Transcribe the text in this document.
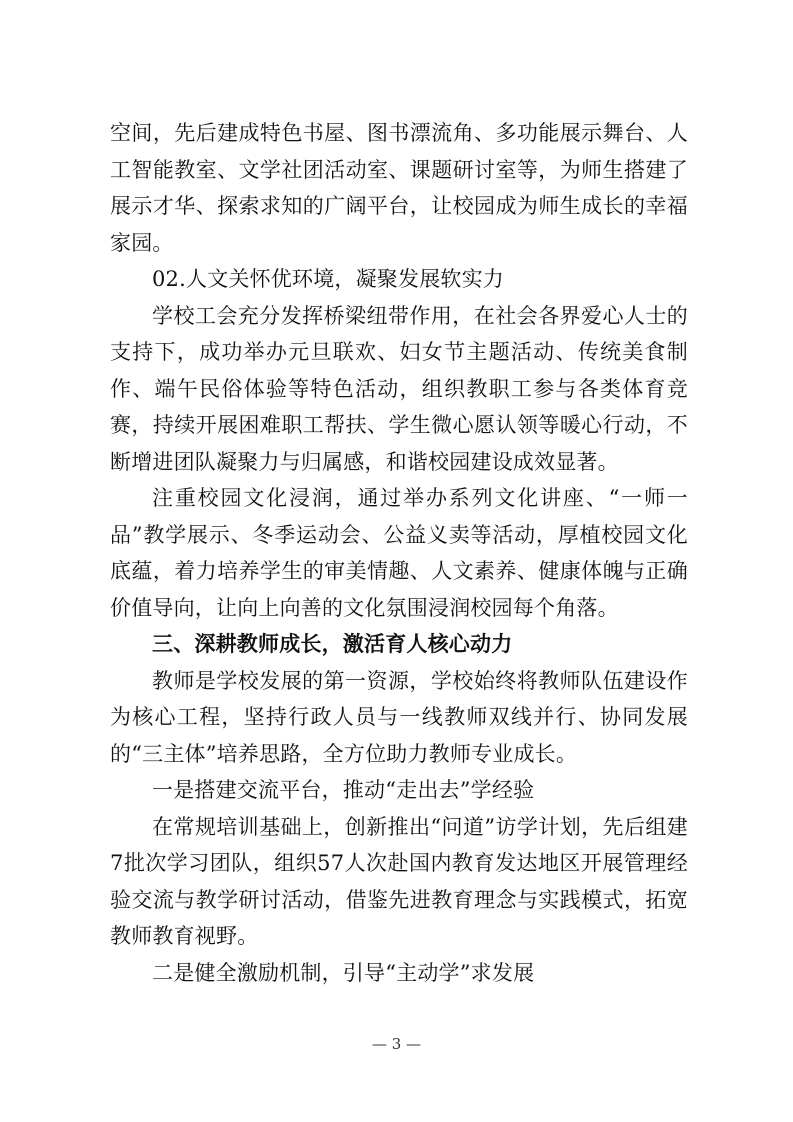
空间，先后建成特色书屋、图书漂流角、多功能展示舞台、人工智能教室、文学社团活动室、课题研讨室等，为师生搭建了展示才华、探索求知的广阔平台，让校园成为师生成长的幸福家园。

02.人文关怀优环境，凝聚发展软实力

学校工会充分发挥桥梁纽带作用，在社会各界爱心人士的支持下，成功举办元旦联欢、妇女节主题活动、传统美食制作、端午民俗体验等特色活动，组织教职工参与各类体育竞赛，持续开展困难职工帮扶、学生微心愿认领等暖心行动，不断增进团队凝聚力与归属感，和谐校园建设成效显著。

注重校园文化浸润，通过举办系列文化讲座、“一师一品”教学展示、冬季运动会、公益义卖等活动，厚植校园文化底蕴，着力培养学生的审美情趣、人文素养、健康体魄与正确价值导向，让向上向善的文化氛围浸润校园每个角落。

三、深耕教师成长，激活育人核心动力

教师是学校发展的第一资源，学校始终将教师队伍建设作为核心工程，坚持行政人员与一线教师双线并行、协同发展的“三主体”培养思路，全方位助力教师专业成长。

一是搭建交流平台，推动“走出去”学经验

在常规培训基础上，创新推出“问道”访学计划，先后组建7批次学习团队，组织57人次赴国内教育发达地区开展管理经验交流与教学研讨活动，借鉴先进教育理念与实践模式，拓宽教师教育视野。

二是健全激励机制，引导“主动学”求发展

— 3 —
